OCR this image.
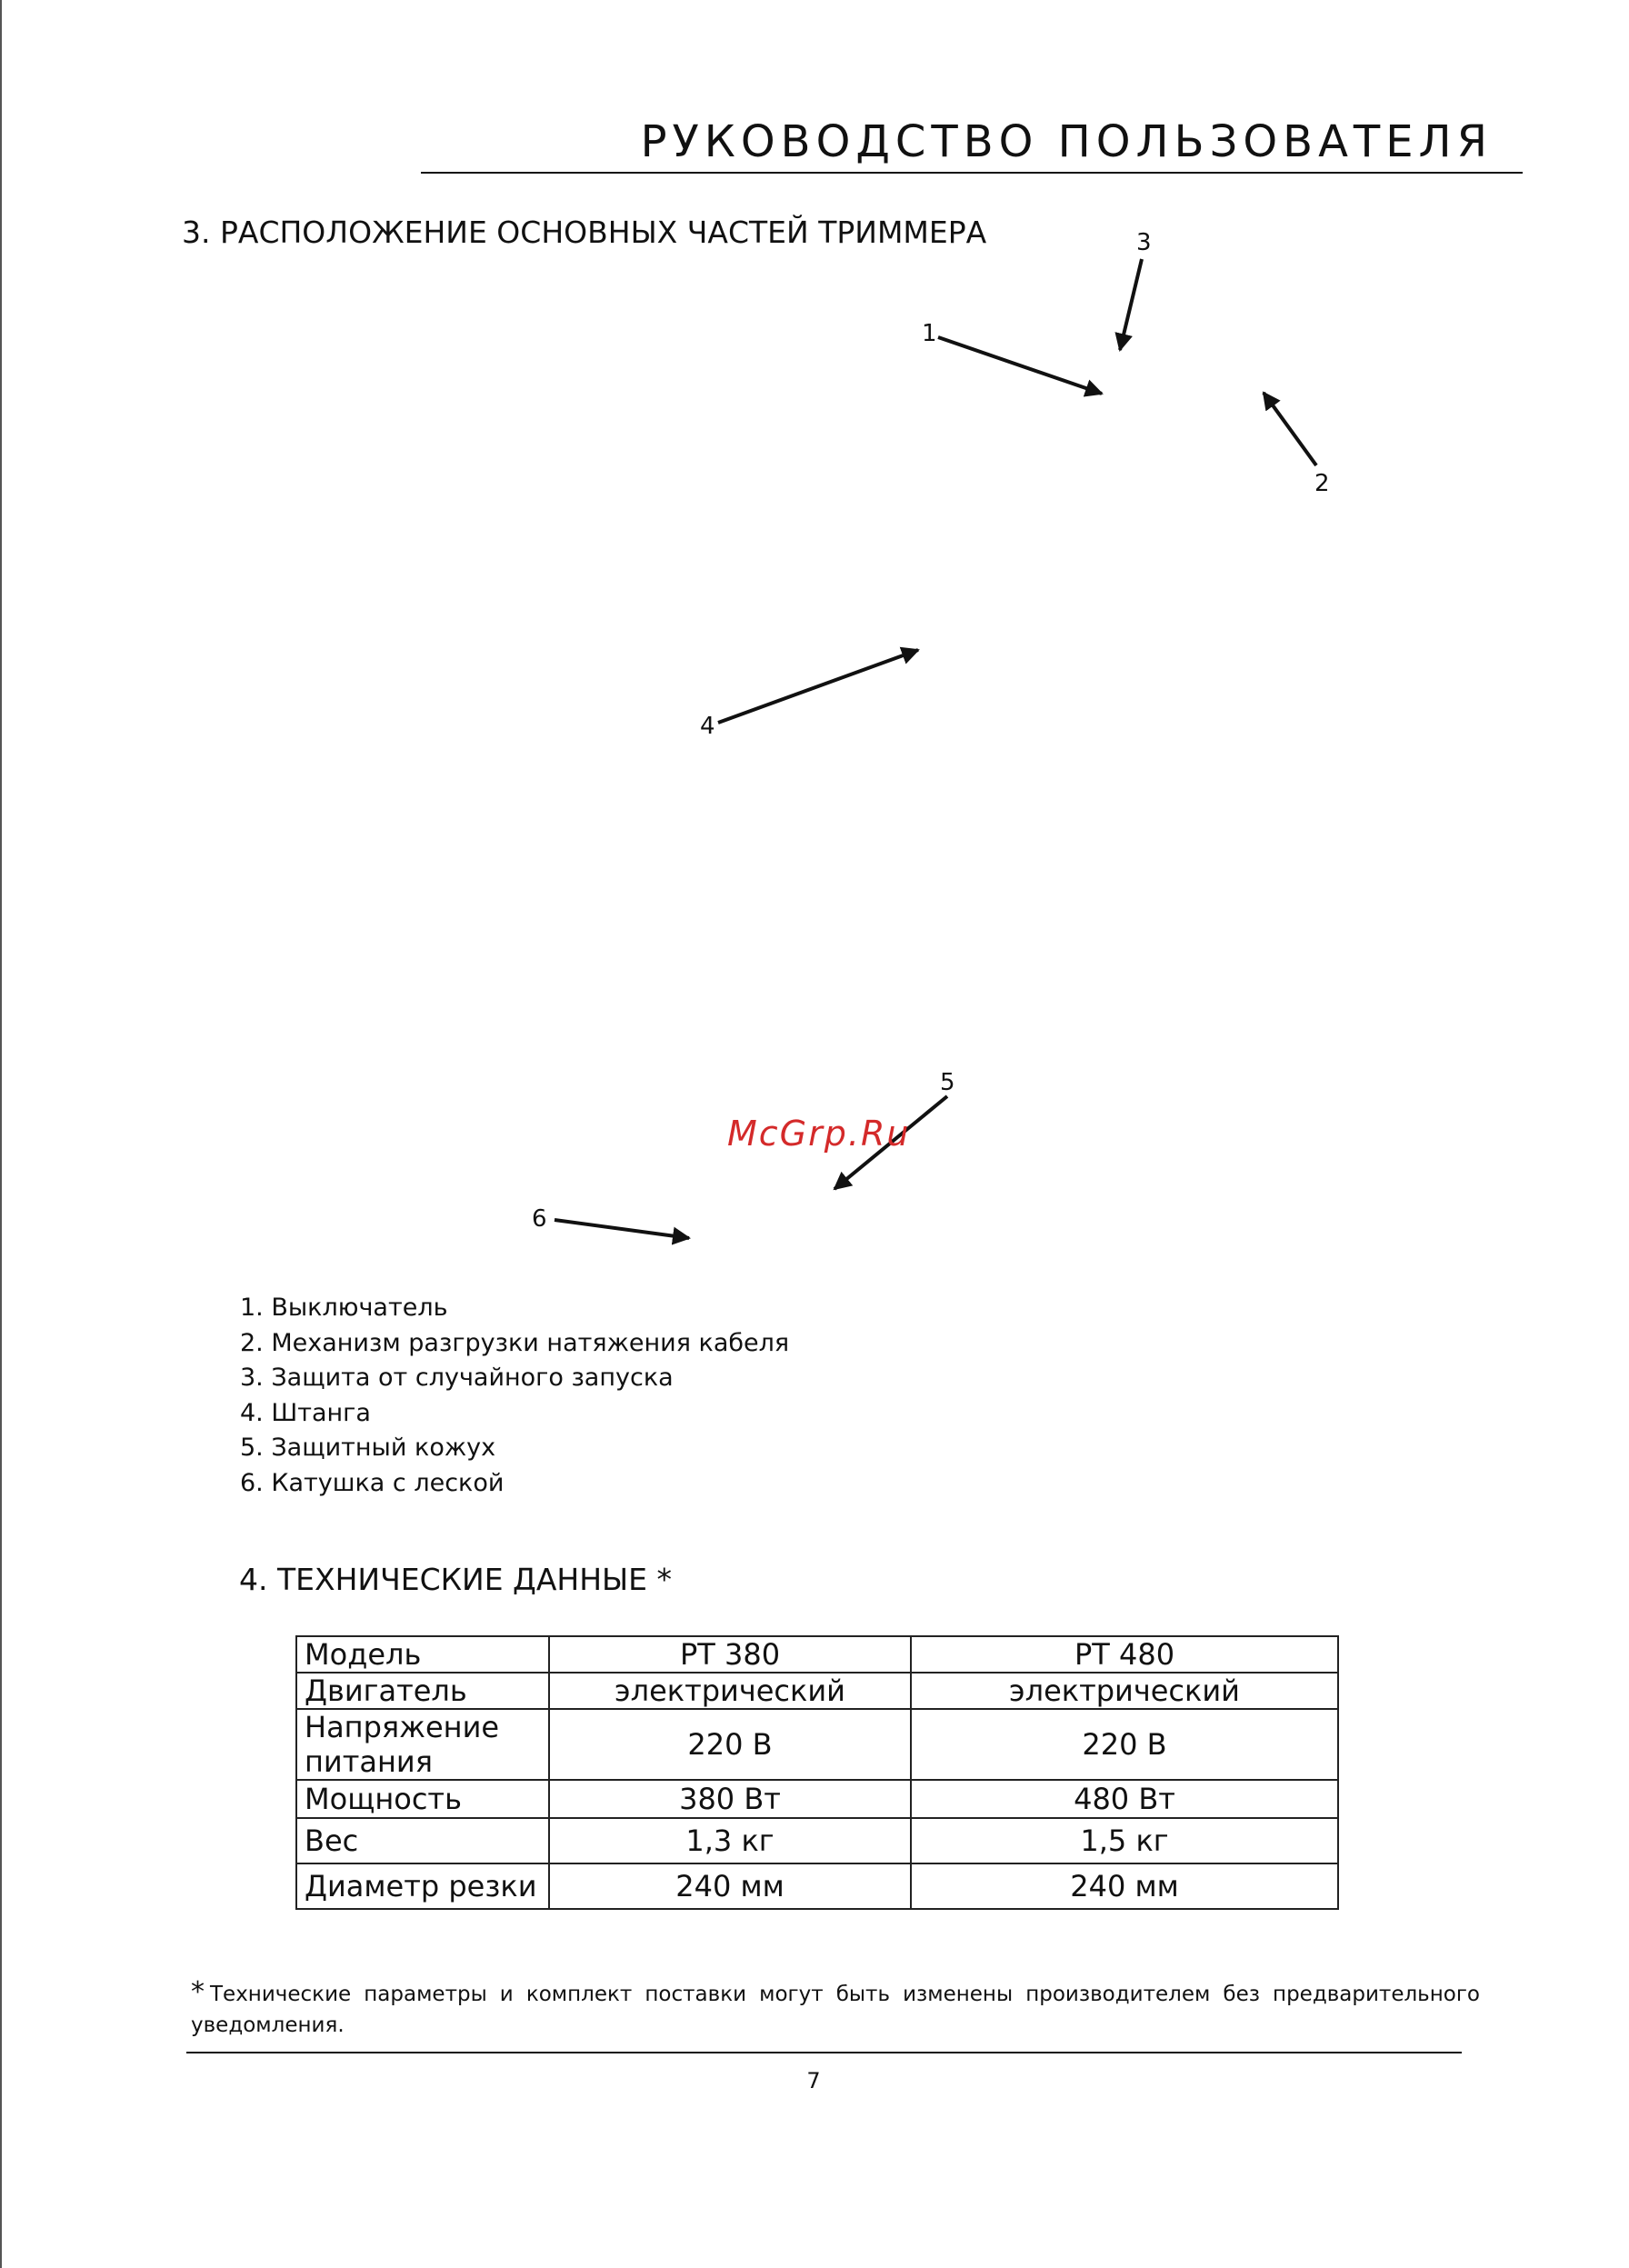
РУКОВОДСТВО ПОЛЬЗОВАТЕЛЯ
3. РАСПОЛОЖЕНИЕ ОСНОВНЫХ ЧАСТЕЙ ТРИММЕРА
1
2
3
4
5
6
McGrp.Ru
1. Выключатель
2. Механизм разгрузки натяжения кабеля
3. Защита от случайного запуска
4. Штанга
5. Защитный кожух
6. Катушка с леской
4. ТЕХНИЧЕСКИЕ ДАННЫЕ *
Модель	PT 380	PT 480
Двигатель	электрический	электрический
Напряжение питания	220 В	220 В
Мощность	380 Вт	480 Вт
Вес	1,3 кг	1,5 кг
Диаметр резки	240 мм	240 мм
* Технические параметры и комплект поставки могут быть изменены производителем без предварительного уведомления.
7
